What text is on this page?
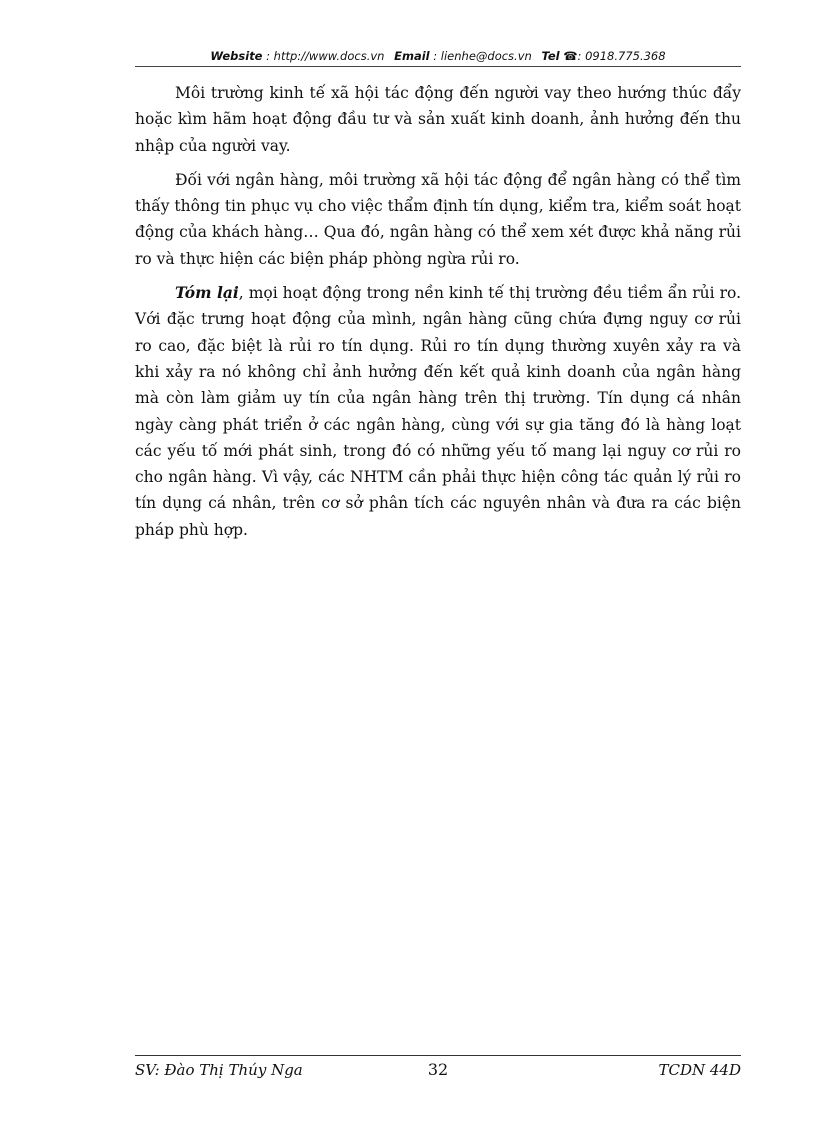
Website : http://www.docs.vn Email : lienhe@docs.vn Tel ☎: 0918.775.368

Môi trường kinh tế xã hội tác động đến người vay theo hướng thúc đẩy hoặc kìm hãm hoạt động đầu tư và sản xuất kinh doanh, ảnh hưởng đến thu nhập của người vay.

Đối với ngân hàng, môi trường xã hội tác động để ngân hàng có thể tìm thấy thông tin phục vụ cho việc thẩm định tín dụng, kiểm tra, kiểm soát hoạt động của khách hàng… Qua đó, ngân hàng có thể xem xét được khả năng rủi ro và thực hiện các biện pháp phòng ngừa rủi ro.

Tóm lại, mọi hoạt động trong nền kinh tế thị trường đều tiềm ẩn rủi ro. Với đặc trưng hoạt động của mình, ngân hàng cũng chứa đựng nguy cơ rủi ro cao, đặc biệt là rủi ro tín dụng. Rủi ro tín dụng thường xuyên xảy ra và khi xảy ra nó không chỉ ảnh hưởng đến kết quả kinh doanh của ngân hàng mà còn làm giảm uy tín của ngân hàng trên thị trường. Tín dụng cá nhân ngày càng phát triển ở các ngân hàng, cùng với sự gia tăng đó là hàng loạt các yếu tố mới phát sinh, trong đó có những yếu tố mang lại nguy cơ rủi ro cho ngân hàng. Vì vậy, các NHTM cần phải thực hiện công tác quản lý rủi ro tín dụng cá nhân, trên cơ sở phân tích các nguyên nhân và đưa ra các biện pháp phù hợp.

SV: Đào Thị Thúy Nga	32	TCDN 44D
